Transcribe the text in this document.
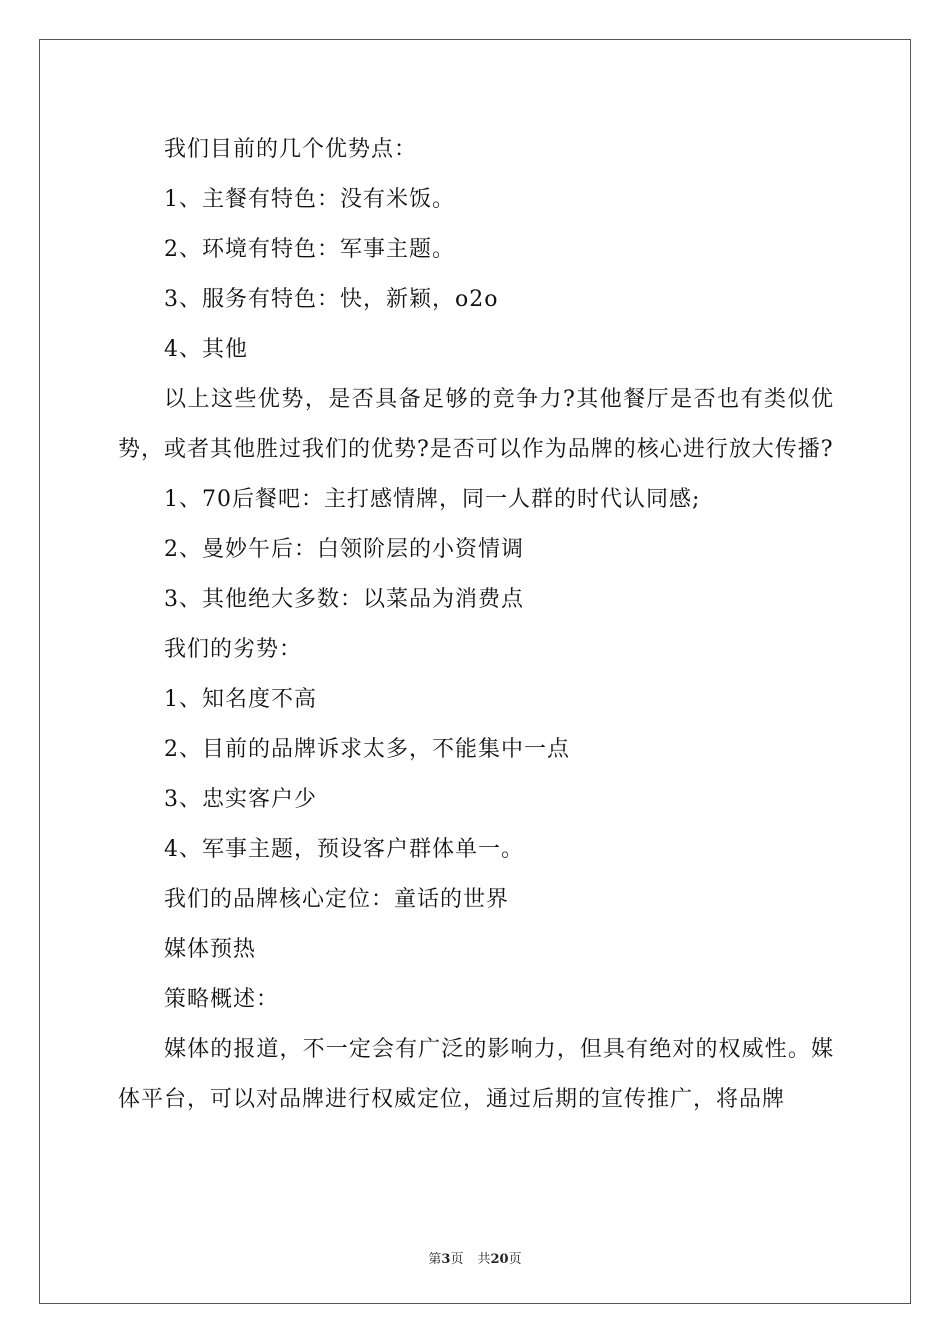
我们目前的几个优势点：

1、主餐有特色：没有米饭。

2、环境有特色：军事主题。

3、服务有特色：快，新颖，o2o

4、其他

以上这些优势，是否具备足够的竞争力?其他餐厅是否也有类似优势，或者其他胜过我们的优势?是否可以作为品牌的核心进行放大传播?

1、70后餐吧：主打感情牌，同一人群的时代认同感;

2、曼妙午后：白领阶层的小资情调

3、其他绝大多数：以菜品为消费点

我们的劣势：

1、知名度不高

2、目前的品牌诉求太多，不能集中一点

3、忠实客户少

4、军事主题，预设客户群体单一。

我们的品牌核心定位：童话的世界

媒体预热

策略概述：

媒体的报道，不一定会有广泛的影响力，但具有绝对的权威性。媒体平台，可以对品牌进行权威定位，通过后期的宣传推广，将品牌

第3页 共20页
